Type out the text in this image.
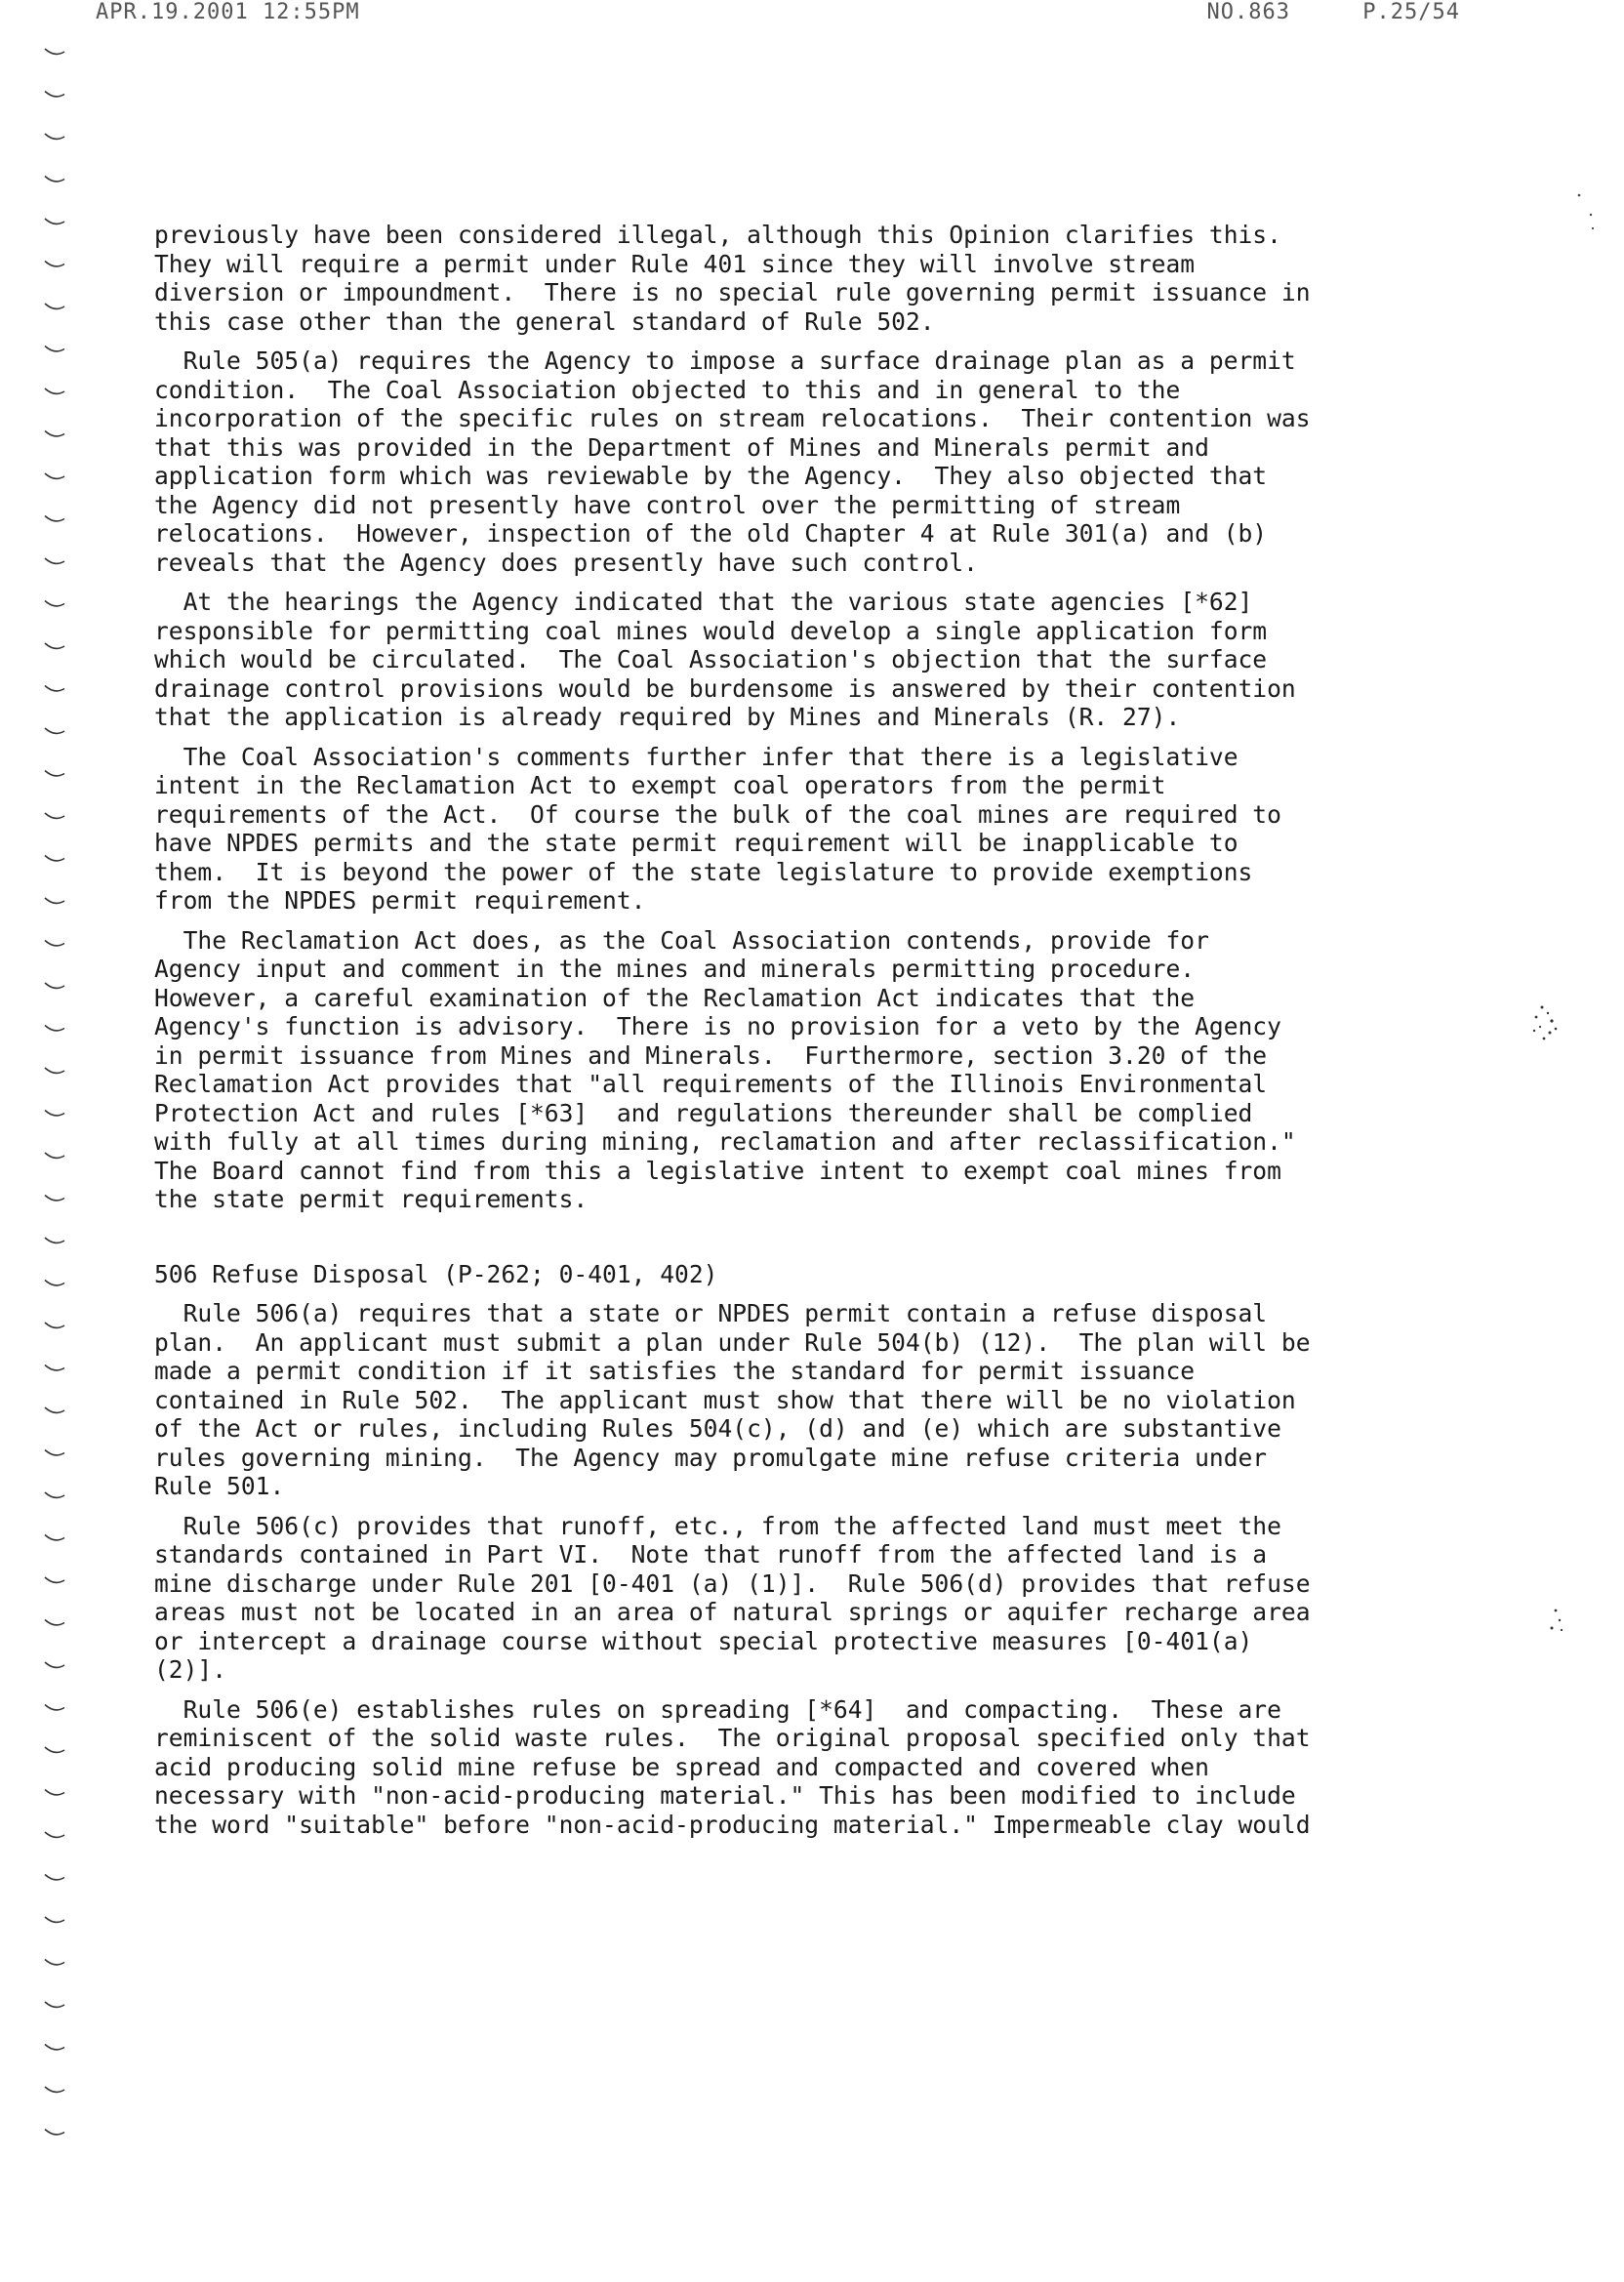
APR.19.2001 12:55PM	NO.863	P.25/54
previously have been considered illegal, although this Opinion clarifies this.
They will require a permit under Rule 401 since they will involve stream
diversion or impoundment.  There is no special rule governing permit issuance in
this case other than the general standard of Rule 502.
Rule 505(a) requires the Agency to impose a surface drainage plan as a permit
condition.  The Coal Association objected to this and in general to the
incorporation of the specific rules on stream relocations.  Their contention was
that this was provided in the Department of Mines and Minerals permit and
application form which was reviewable by the Agency.  They also objected that
the Agency did not presently have control over the permitting of stream
relocations.  However, inspection of the old Chapter 4 at Rule 301(a) and (b)
reveals that the Agency does presently have such control.
At the hearings the Agency indicated that the various state agencies [*62]
responsible for permitting coal mines would develop a single application form
which would be circulated.  The Coal Association's objection that the surface
drainage control provisions would be burdensome is answered by their contention
that the application is already required by Mines and Minerals (R. 27).
The Coal Association's comments further infer that there is a legislative
intent in the Reclamation Act to exempt coal operators from the permit
requirements of the Act.  Of course the bulk of the coal mines are required to
have NPDES permits and the state permit requirement will be inapplicable to
them.  It is beyond the power of the state legislature to provide exemptions
from the NPDES permit requirement.
The Reclamation Act does, as the Coal Association contends, provide for
Agency input and comment in the mines and minerals permitting procedure.
However, a careful examination of the Reclamation Act indicates that the
Agency's function is advisory.  There is no provision for a veto by the Agency
in permit issuance from Mines and Minerals.  Furthermore, section 3.20 of the
Reclamation Act provides that "all requirements of the Illinois Environmental
Protection Act and rules [*63]  and regulations thereunder shall be complied
with fully at all times during mining, reclamation and after reclassification."
The Board cannot find from this a legislative intent to exempt coal mines from
the state permit requirements.
506 Refuse Disposal (P-262; 0-401, 402)
Rule 506(a) requires that a state or NPDES permit contain a refuse disposal
plan.  An applicant must submit a plan under Rule 504(b) (12).  The plan will be
made a permit condition if it satisfies the standard for permit issuance
contained in Rule 502.  The applicant must show that there will be no violation
of the Act or rules, including Rules 504(c), (d) and (e) which are substantive
rules governing mining.  The Agency may promulgate mine refuse criteria under
Rule 501.
Rule 506(c) provides that runoff, etc., from the affected land must meet the
standards contained in Part VI.  Note that runoff from the affected land is a
mine discharge under Rule 201 [0-401 (a) (1)].  Rule 506(d) provides that refuse
areas must not be located in an area of natural springs or aquifer recharge area
or intercept a drainage course without special protective measures [0-401(a)
(2)].
Rule 506(e) establishes rules on spreading [*64]  and compacting.  These are
reminiscent of the solid waste rules.  The original proposal specified only that
acid producing solid mine refuse be spread and compacted and covered when
necessary with "non-acid-producing material." This has been modified to include
the word "suitable" before "non-acid-producing material." Impermeable clay would
